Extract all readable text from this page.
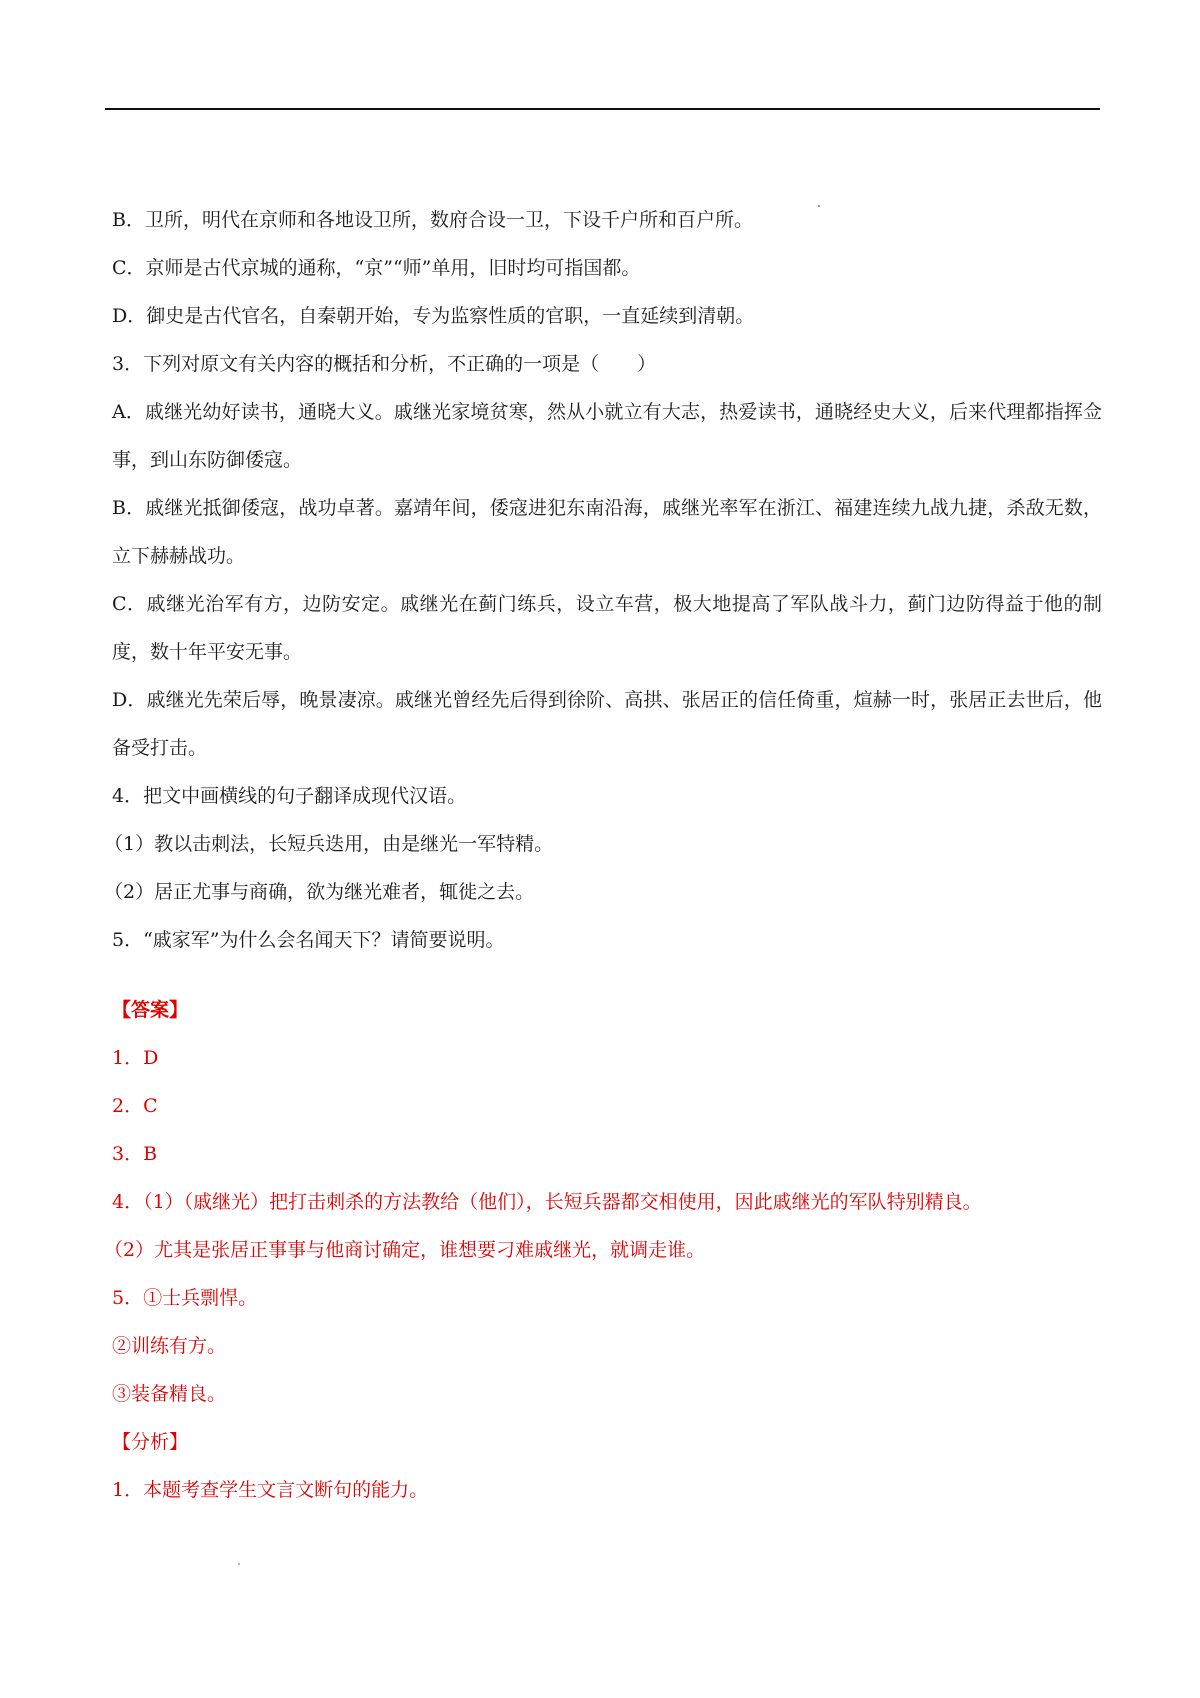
B．卫所，明代在京师和各地设卫所，数府合设一卫，下设千户所和百户所。
C．京师是古代京城的通称，“京”“师”单用，旧时均可指国都。
D．御史是古代官名，自秦朝开始，专为监察性质的官职，一直延续到清朝。
3．下列对原文有关内容的概括和分析，不正确的一项是（　　）
A．戚继光幼好读书，通晓大义。戚继光家境贫寒，然从小就立有大志，热爱读书，通晓经史大义，后来代理都指挥佥事，到山东防御倭寇。
B．戚继光抵御倭寇，战功卓著。嘉靖年间，倭寇进犯东南沿海，戚继光率军在浙江、福建连续九战九捷，杀敌无数，立下赫赫战功。
C．戚继光治军有方，边防安定。戚继光在蓟门练兵，设立车营，极大地提高了军队战斗力，蓟门边防得益于他的制度，数十年平安无事。
D．戚继光先荣后辱，晚景凄凉。戚继光曾经先后得到徐阶、高拱、张居正的信任倚重，煊赫一时，张居正去世后，他备受打击。
4．把文中画横线的句子翻译成现代汉语。
（1）教以击刺法，长短兵迭用，由是继光一军特精。
（2）居正尤事与商确，欲为继光难者，辄徙之去。
5．“戚家军”为什么会名闻天下？请简要说明。
【答案】
1．D
2．C
3．B
4．（1）（戚继光）把打击刺杀的方法教给（他们），长短兵器都交相使用，因此戚继光的军队特别精良。
（2）尤其是张居正事事与他商讨确定，谁想要刁难戚继光，就调走谁。
5．①士兵剽悍。
②训练有方。
③装备精良。
【分析】
1．本题考查学生文言文断句的能力。
